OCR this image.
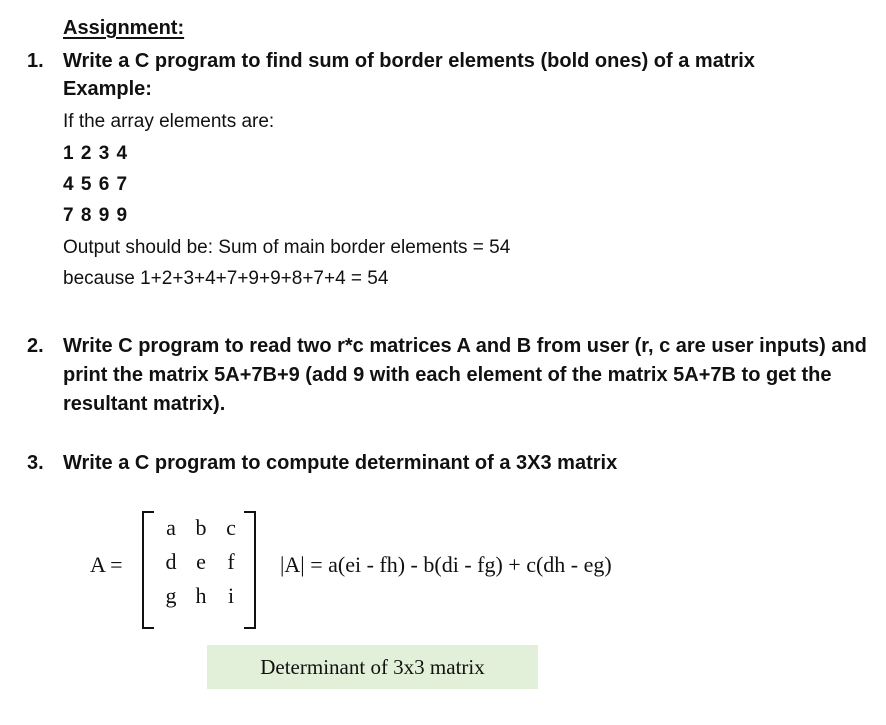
Assignment:
1. Write a C program to find sum of border elements (bold ones) of a matrix
Example:
If the array elements are:
1 2 3 4
4 5 6 7
7 8 9 9
Output should be: Sum of main border elements = 54
because 1+2+3+4+7+9+9+8+7+4 = 54
2. Write C program to read two r*c matrices A and B from user (r, c are user inputs) and print the matrix 5A+7B+9 (add 9 with each element of the matrix 5A+7B to get the resultant matrix).
3. Write a C program to compute determinant of a 3X3 matrix
A =
a b c
d e f
g h i
|A| = a(ei - fh) - b(di - fg) + c(dh - eg)
Determinant of 3x3 matrix
